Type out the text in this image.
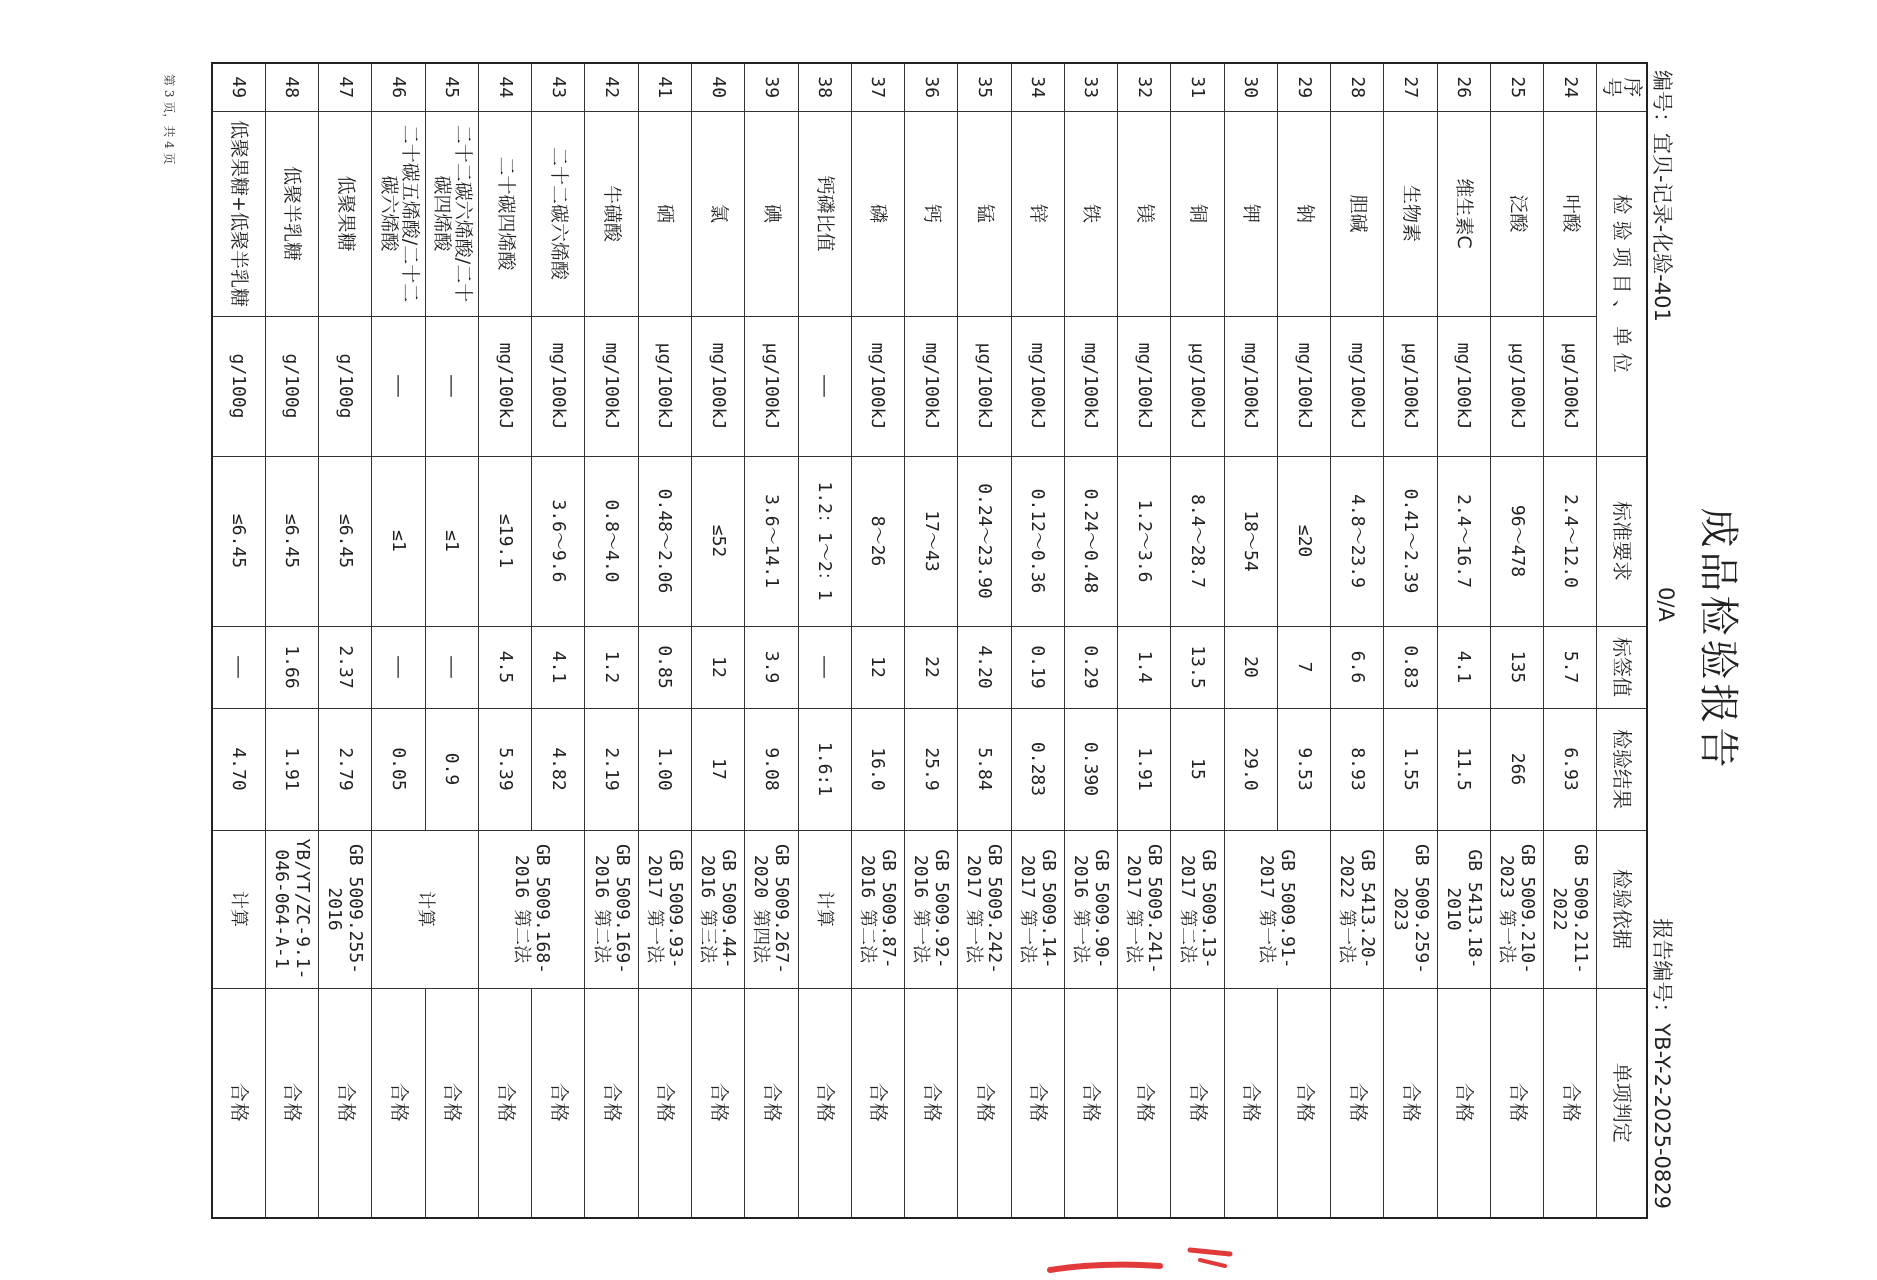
成品检验报告
编号：宜贝-记录-化验-401
0/A
报告编号：YB-Y-2-2025-0829
序号	检 验 项 目 、 单 位		标准要求	标签值	检验结果	检验依据	单项判定
24	叶酸	μg/100kJ	2.4～12.0	5.7	6.93	GB 5009.211-2022	合格
25	泛酸	μg/100kJ	96～478	135	266	GB 5009.210-2023 第一法	合格
26	维生素C	mg/100kJ	2.4～16.7	4.1	11.5	GB 5413.18-2010	合格
27	生物素	μg/100kJ	0.41～2.39	0.83	1.55	GB 5009.259-2023	合格
28	胆碱	mg/100kJ	4.8～23.9	6.6	8.93	GB 5413.20-2022 第一法	合格
29	钠	mg/100kJ	≤20	7	9.53	GB 5009.91-2017 第一法	合格
30	钾	mg/100kJ	18～54	20	29.0		合格
31	铜	μg/100kJ	8.4～28.7	13.5	15	GB 5009.13-2017 第二法	合格
32	镁	mg/100kJ	1.2～3.6	1.4	1.91	GB 5009.241-2017 第一法	合格
33	铁	mg/100kJ	0.24～0.48	0.29	0.390	GB 5009.90-2016 第一法	合格
34	锌	mg/100kJ	0.12～0.36	0.19	0.283	GB 5009.14-2017 第一法	合格
35	锰	μg/100kJ	0.24～23.90	4.20	5.84	GB 5009.242-2017 第一法	合格
36	钙	mg/100kJ	17～43	22	25.9	GB 5009.92-2016 第一法	合格
37	磷	mg/100kJ	8～26	12	16.0	GB 5009.87-2016 第二法	合格
38	钙磷比值	——	1.2：1～2：1	——	1.6:1	计算	合格
39	碘	μg/100kJ	3.6～14.1	3.9	9.08	GB 5009.267-2020 第四法	合格
40	氯	mg/100kJ	≤52	12	17	GB 5009.44-2016 第三法	合格
41	硒	μg/100kJ	0.48～2.06	0.85	1.00	GB 5009.93-2017 第一法	合格
42	牛磺酸	mg/100kJ	0.8～4.0	1.2	2.19	GB 5009.169-2016 第二法	合格
43	二十二碳六烯酸	mg/100kJ	3.6～9.6	4.1	4.82	GB 5009.168-2016 第二法	合格
44	二十碳四烯酸	mg/100kJ	≤19.1	4.5	5.39		合格
45	二十二碳六烯酸/二十碳四烯酸	——	≤1	——	0.9	计算	合格
46	二十碳五烯酸/二十二碳六烯酸	——	≤1	——	0.05		合格
47	低聚果糖	g/100g	≤6.45	2.37	2.79	GB 5009.255-2016	合格
48	低聚半乳糖	g/100g	≤6.45	1.66	1.91	YB/YT/ZC-9.1-046-064-A-1	合格
49	低聚果糖+低聚半乳糖	g/100g	≤6.45	——	4.70	计算	合格
第 3 页，共 4 页
